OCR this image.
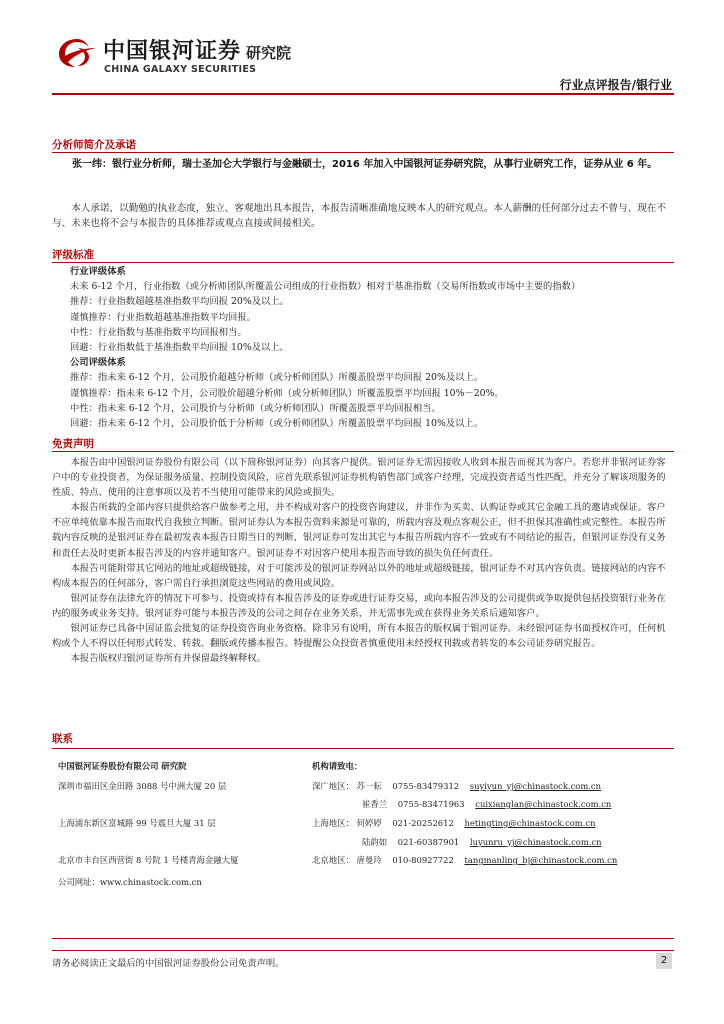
中国银河证券 研究院
CHINA GALAXY SECURITIES
行业点评报告/银行业
分析师简介及承诺
张一纬：银行业分析师，瑞士圣加仑大学银行与金融硕士，2016 年加入中国银河证券研究院，从事行业研究工作，证券从业 6 年。
本人承诺，以勤勉的执业态度，独立、客观地出具本报告，本报告清晰准确地反映本人的研究观点。本人薪酬的任何部分过去不曾与、现在不与、未来也将不会与本报告的具体推荐或观点直接或间接相关。
评级标准
行业评级体系
未来 6-12 个月，行业指数（或分析师团队所覆盖公司组成的行业指数）相对于基准指数（交易所指数或市场中主要的指数）
推荐：行业指数超越基准指数平均回报 20%及以上。
谨慎推荐：行业指数超越基准指数平均回报。
中性：行业指数与基准指数平均回报相当。
回避：行业指数低于基准指数平均回报 10%及以上。
公司评级体系
推荐：指未来 6-12 个月，公司股价超越分析师（或分析师团队）所覆盖股票平均回报 20%及以上。
谨慎推荐：指未来 6-12 个月，公司股价超越分析师（或分析师团队）所覆盖股票平均回报 10%－20%。
中性：指未来 6-12 个月，公司股价与分析师（或分析师团队）所覆盖股票平均回报相当。
回避：指未来 6-12 个月，公司股价低于分析师（或分析师团队）所覆盖股票平均回报 10%及以上。
免责声明

本报告由中国银河证券股份有限公司（以下简称银河证券）向其客户提供。银河证券无需因接收人收到本报告而视其为客户。若您并非银河证券客户中的专业投资者，为保证服务质量、控制投资风险，应首先联系银河证券机构销售部门或客户经理，完成投资者适当性匹配，并充分了解该项服务的性质、特点、使用的注意事项以及若不当使用可能带来的风险或损失。

本报告所载的全部内容只提供给客户做参考之用，并不构成对客户的投资咨询建议，并非作为买卖、认购证券或其它金融工具的邀请或保证。客户不应单纯依靠本报告而取代自我独立判断。银河证券认为本报告资料来源是可靠的，所载内容及观点客观公正，但不担保其准确性或完整性。本报告所载内容反映的是银河证券在最初发表本报告日期当日的判断，银河证券可发出其它与本报告所载内容不一致或有不同结论的报告，但银河证券没有义务和责任去及时更新本报告涉及的内容并通知客户。银河证券不对因客户使用本报告而导致的损失负任何责任。

本报告可能附带其它网站的地址或超级链接，对于可能涉及的银河证券网站以外的地址或超级链接，银河证券不对其内容负责。链接网站的内容不构成本报告的任何部分，客户需自行承担浏览这些网站的费用或风险。

银河证券在法律允许的情况下可参与、投资或持有本报告涉及的证券或进行证券交易，或向本报告涉及的公司提供或争取提供包括投资银行业务在内的服务或业务支持。银河证券可能与本报告涉及的公司之间存在业务关系，并无需事先或在获得业务关系后通知客户。

银河证券已具备中国证监会批复的证券投资咨询业务资格。除非另有说明，所有本报告的版权属于银河证券。未经银河证券书面授权许可，任何机构或个人不得以任何形式转发、转载、翻版或传播本报告。特提醒公众投资者慎重使用未经授权刊载或者转发的本公司证券研究报告。

本报告版权归银河证券所有并保留最终解释权。

联系
中国银河证券股份有限公司 研究院
深圳市福田区金田路 3088 号中洲大厦 20 层
上海浦东新区富城路 99 号震旦大厦 31 层
北京市丰台区西营街 8 号院 1 号楼青海金融大厦
公司网址：www.chinastock.com.cn
机构请致电：
深广地区： 苏一耘 0755-83479312 suyiyun_yj@chinastock.com.cn
崔香兰 0755-83471963 cuixianglan@chinastock.com.cn
上海地区： 何婷婷 021-20252612 hetingting@chinastock.com.cn
陆韵如 021-60387901 luyunru_yj@chinastock.com.cn
北京地区： 唐曼玲 010-80927722 tangmanling_bj@chinastock.com.cn
请务必阅读正文最后的中国银河证券股份公司免责声明。	2
